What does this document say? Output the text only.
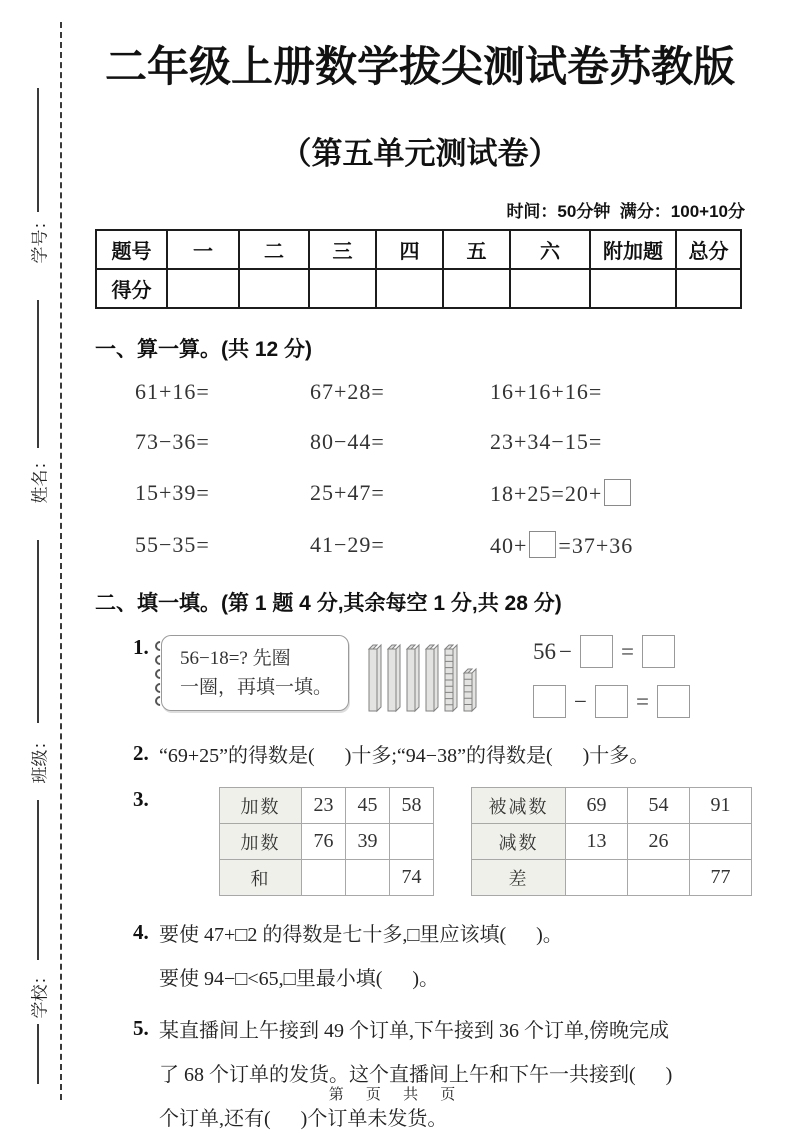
学号：
姓名：
班级：
学校：
二年级上册数学拔尖测试卷苏教版
（第五单元测试卷）
时间：50分钟  满分：100+10分
题号	一	二	三	四	五	六	附加题	总分
得分								
一、算一算。(共 12 分)
61+16=	67+28=	16+16+16=
73−36=	80−44=	23+34−15=
15+39=	25+47=	18+25=20+
55−35=	41−29=	40+ =37+36
二、填一填。(第 1 题 4 分,其余每空 1 分,共 28 分)
1.	56−18=? 先圈
一圈，再填一填。
56 − =
− =
2. “69+25”的得数是(      )十多;“94−38”的得数是(      )十多。
3.	加数	23	45	58
加数	76	39	
和			74
被减数	69	54	91
减数	13	26	
差			77
4. 要使 47+□2 的得数是七十多,□里应该填(      )。
要使 94−□<65,□里最小填(      )。
5. 某直播间上午接到 49 个订单,下午接到 36 个订单,傍晚完成
了 68 个订单的发货。这个直播间上午和下午一共接到(      )
个订单,还有(      )个订单未发货。
第 页 共 页
